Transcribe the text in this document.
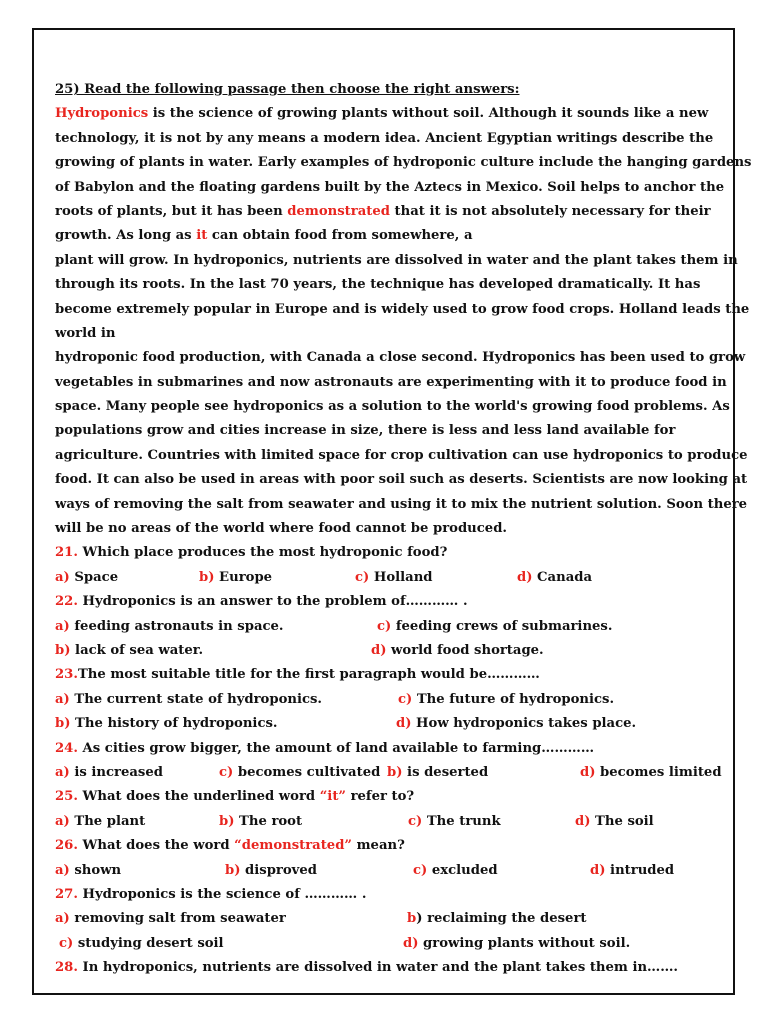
25) Read the following passage then choose the right answers:
Hydroponics is the science of growing plants without soil. Although it sounds like a new
technology, it is not by any means a modern idea. Ancient Egyptian writings describe the
growing of plants in water. Early examples of hydroponic culture include the hanging gardens
of Babylon and the floating gardens built by the Aztecs in Mexico. Soil helps to anchor the
roots of plants, but it has been demonstrated that it is not absolutely necessary for their
growth. As long as it can obtain food from somewhere, a
plant will grow. In hydroponics, nutrients are dissolved in water and the plant takes them in
through its roots. In the last 70 years, the technique has developed dramatically. It has
become extremely popular in Europe and is widely used to grow food crops. Holland leads the
world in
hydroponic food production, with Canada a close second. Hydroponics has been used to grow
vegetables in submarines and now astronauts are experimenting with it to produce food in
space. Many people see hydroponics as a solution to the world's growing food problems. As
populations grow and cities increase in size, there is less and less land available for
agriculture. Countries with limited space for crop cultivation can use hydroponics to produce
food. It can also be used in areas with poor soil such as deserts. Scientists are now looking at
ways of removing the salt from seawater and using it to mix the nutrient solution. Soon there
will be no areas of the world where food cannot be produced.
21. Which place produces the most hydroponic food?
a) Space	b) Europe	c) Holland	d) Canada
22. Hydroponics is an answer to the problem of………… .
a) feeding astronauts in space.	c) feeding crews of submarines.
b) lack of sea water.	d) world food shortage.
23.The most suitable title for the first paragraph would be…………
a) The current state of hydroponics.	c) The future of hydroponics.
b) The history of hydroponics.	d) How hydroponics takes place.
24. As cities grow bigger, the amount of land available to farming…………
a) is increased	c) becomes cultivated b) is deserted	d) becomes limited
25. What does the underlined word “it” refer to?
a) The plant	b) The root	c) The trunk	d) The soil
26. What does the word “demonstrated” mean?
a) shown	b) disproved	c) excluded	d) intruded
27. Hydroponics is the science of ………… .
a) removing salt from seawater	b) reclaiming the desert
c) studying desert soil	d) growing plants without soil.
28. In hydroponics, nutrients are dissolved in water and the plant takes them in…….
